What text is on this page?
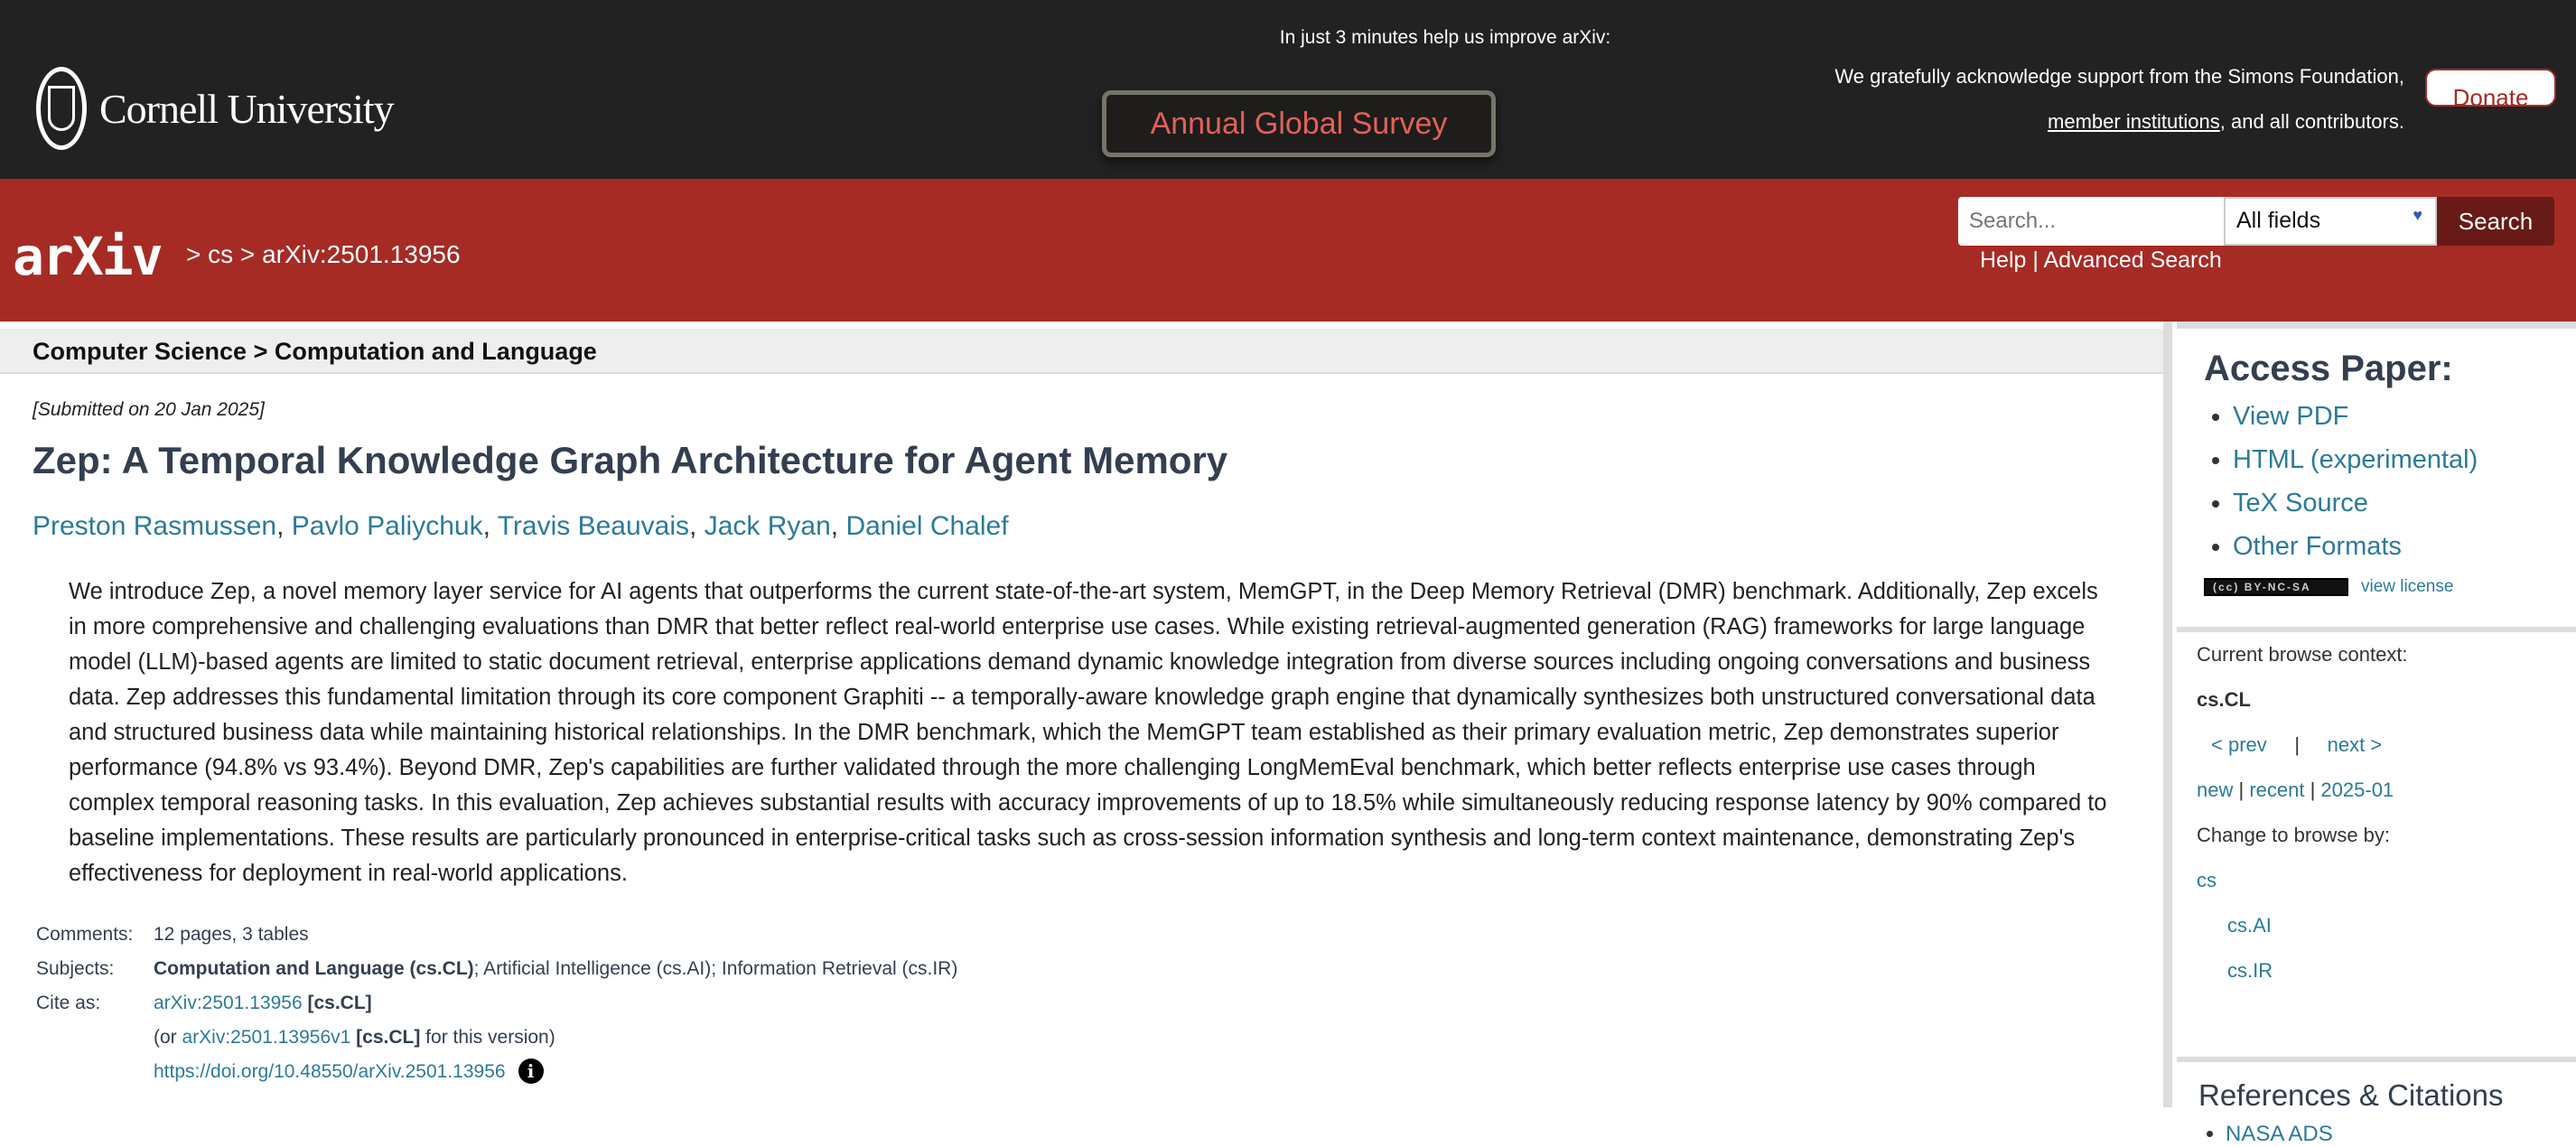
Cornell University
In just 3 minutes help us improve arXiv:
Annual Global Survey
We gratefully acknowledge support from the Simons Foundation,
member institutions, and all contributors.
Donate
arXiv > cs > arXiv:2501.13956
Search...
All fields	♥	Search
Help | Advanced Search
Computer Science > Computation and Language
[Submitted on 20 Jan 2025]
Zep: A Temporal Knowledge Graph Architecture for Agent Memory
Preston Rasmussen, Pavlo Paliychuk, Travis Beauvais, Jack Ryan, Daniel Chalef
We introduce Zep, a novel memory layer service for AI agents that outperforms the current state-of-the-art system, MemGPT, in the Deep Memory Retrieval (DMR) benchmark. Additionally, Zep excels in more comprehensive and challenging evaluations than DMR that better reflect real-world enterprise use cases. While existing retrieval-augmented generation (RAG) frameworks for large language model (LLM)-based agents are limited to static document retrieval, enterprise applications demand dynamic knowledge integration from diverse sources including ongoing conversations and business data. Zep addresses this fundamental limitation through its core component Graphiti -- a temporally-aware knowledge graph engine that dynamically synthesizes both unstructured conversational data and structured business data while maintaining historical relationships. In the DMR benchmark, which the MemGPT team established as their primary evaluation metric, Zep demonstrates superior performance (94.8% vs 93.4%). Beyond DMR, Zep's capabilities are further validated through the more challenging LongMemEval benchmark, which better reflects enterprise use cases through complex temporal reasoning tasks. In this evaluation, Zep achieves substantial results with accuracy improvements of up to 18.5% while simultaneously reducing response latency by 90% compared to baseline implementations. These results are particularly pronounced in enterprise-critical tasks such as cross-session information synthesis and long-term context maintenance, demonstrating Zep's effectiveness for deployment in real-world applications.
Comments:	12 pages, 3 tables
Subjects:	Computation and Language (cs.CL); Artificial Intelligence (cs.AI); Information Retrieval (cs.IR)
Cite as:	arXiv:2501.13956 [cs.CL]
(or arXiv:2501.13956v1 [cs.CL] for this version)
https://doi.org/10.48550/arXiv.2501.13956 i
Access Paper:
• View PDF
• HTML (experimental)
• TeX Source
• Other Formats
(cc) BY-NC-SA	view license

Current browse context:

cs.CL

< prev | next >

new | recent | 2025-01

Change to browse by:

cs

cs.AI

cs.IR

References & Citations
• NASA ADS
